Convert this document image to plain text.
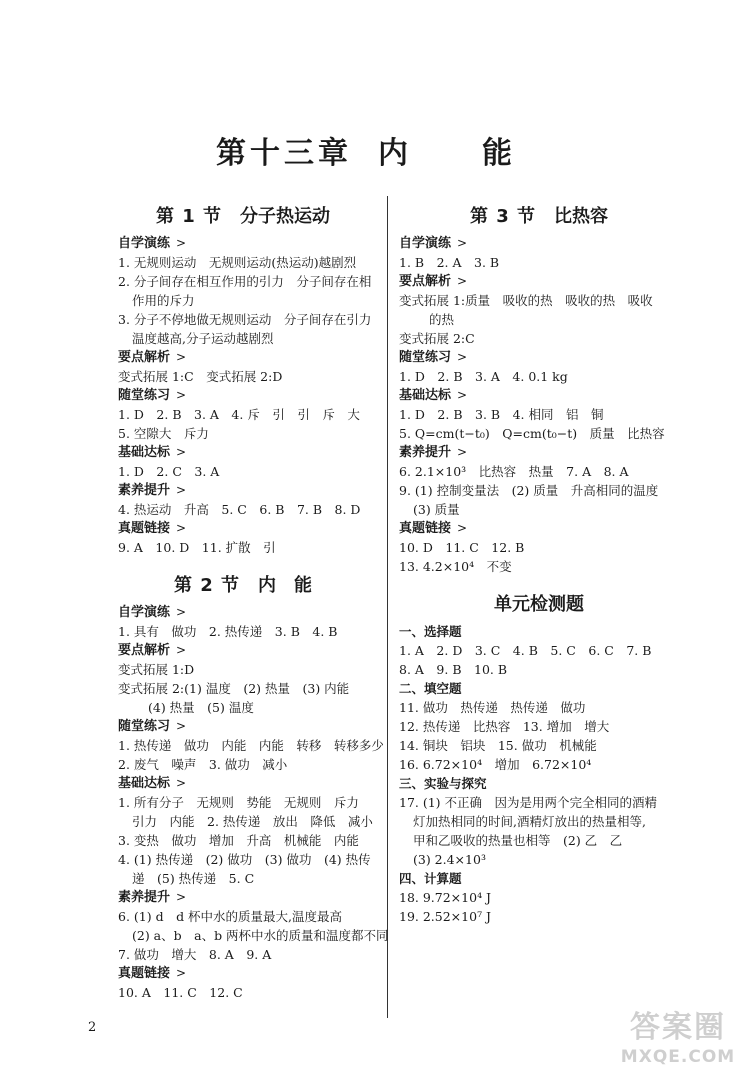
第十三章 内　能
第 1 节 分子热运动
自学演练 >
1. 无规则运动　无规则运动(热运动)越剧烈
2. 分子间存在相互作用的引力　分子间存在相
作用的斥力
3. 分子不停地做无规则运动　分子间存在引力
温度越高,分子运动越剧烈
要点解析 >
变式拓展 1:C　变式拓展 2:D
随堂练习 >
1. D　2. B　3. A　4. 斥　引　引　斥　大
5. 空隙大　斥力
基础达标 >
1. D　2. C　3. A
素养提升 >
4. 热运动　升高　5. C　6. B　7. B　8. D
真题链接 >
9. A　10. D　11. 扩散　引
第 2 节 内　能
自学演练 >
1. 具有　做功　2. 热传递　3. B　4. B
要点解析 >
变式拓展 1:D
变式拓展 2:(1) 温度　(2) 热量　(3) 内能
(4) 热量　(5) 温度
随堂练习 >
1. 热传递　做功　内能　内能　转移　转移多少
2. 废气　噪声　3. 做功　减小
基础达标 >
1. 所有分子　无规则　势能　无规则　斥力
引力　内能　2. 热传递　放出　降低　减小
3. 变热　做功　增加　升高　机械能　内能
4. (1) 热传递　(2) 做功　(3) 做功　(4) 热传
递　(5) 热传递　5. C
素养提升 >
6. (1) d　d 杯中水的质量最大,温度最高
(2) a、b　a、b 两杯中水的质量和温度都不同
7. 做功　增大　8. A　9. A
真题链接 >
10. A　11. C　12. C
第 3 节 比热容
自学演练 >
1. B　2. A　3. B
要点解析 >
变式拓展 1:质量　吸收的热　吸收的热　吸收
的热
变式拓展 2:C
随堂练习 >
1. D　2. B　3. A　4. 0.1 kg
基础达标 >
1. D　2. B　3. B　4. 相同　铝　铜
5. Q=cm(t−t₀)　Q=cm(t₀−t)　质量　比热容
素养提升 >
6. 2.1×10³　比热容　热量　7. A　8. A
9. (1) 控制变量法　(2) 质量　升高相同的温度
(3) 质量
真题链接 >
10. D　11. C　12. B
13. 4.2×10⁴　不变
单元检测题
一、选择题
1. A　2. D　3. C　4. B　5. C　6. C　7. B
8. A　9. B　10. B
二、填空题
11. 做功　热传递　热传递　做功
12. 热传递　比热容　13. 增加　增大
14. 铜块　铝块　15. 做功　机械能
16. 6.72×10⁴　增加　6.72×10⁴
三、实验与探究
17. (1) 不正确　因为是用两个完全相同的酒精
灯加热相同的时间,酒精灯放出的热量相等,
甲和乙吸收的热量也相等　(2) 乙　乙
(3) 2.4×10³
四、计算题
18. 9.72×10⁴ J
19. 2.52×10⁷ J
2	答案圈
MXQE.COM
